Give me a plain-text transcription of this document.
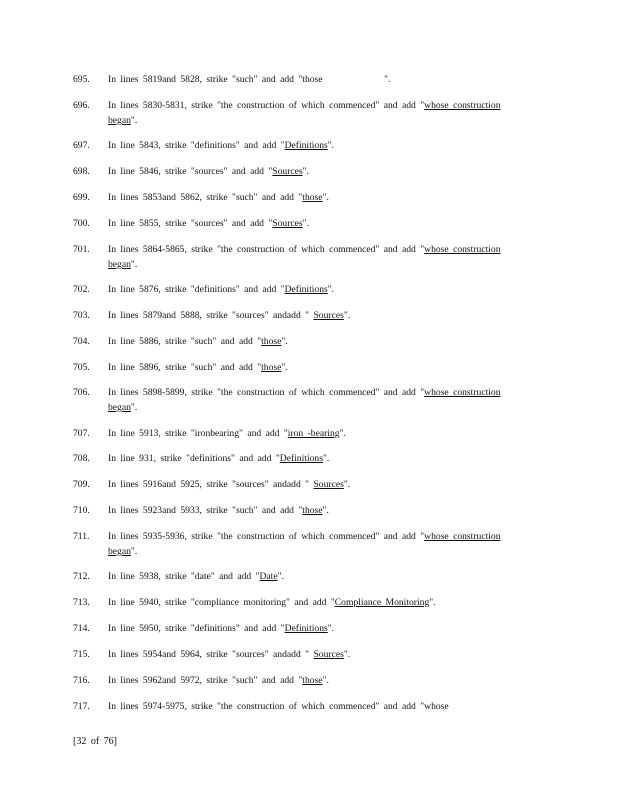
695.	In lines 5819and 5828, strike "such" and add "those	".
696.	In lines 5830-5831, strike "the construction of which commenced" and add "whose construction began".
697.	In line 5843, strike "definitions" and add "Definitions".
698.	In line 5846, strike "sources" and add "Sources".
699.	In lines 5853and 5862, strike "such" and add "those".
700.	In line 5855, strike "sources" and add "Sources".
701.	In lines 5864-5865, strike "the construction of which commenced" and add "whose construction began".
702.	In line 5876, strike "definitions" and add "Definitions".
703.	In lines 5879and 5888, strike "sources" andadd " Sources".
704.	In line 5886, strike "such" and add "those".
705.	In line 5896, strike "such" and add "those".
706.	In lines 5898-5899, strike "the construction of which commenced" and add "whose construction began".
707.	In line 5913, strike "ironbearing" and add "iron -bearing".
708.	In line 931, strike "definitions" and add "Definitions".
709.	In lines 5916and 5925, strike "sources" andadd " Sources".
710.	In lines 5923and 5933, strike "such" and add "those".
711.	In lines 5935-5936, strike "the construction of which commenced" and add "whose construction began".
712.	In line 5938, strike "date" and add "Date".
713.	In line 5940, strike "compliance monitoring" and add "Compliance Monitoring".
714.	In line 5950, strike "definitions" and add "Definitions".
715.	In lines 5954and 5964, strike "sources" andadd " Sources".
716.	In lines 5962and 5972, strike "such" and add "those".
717.	In lines 5974-5975, strike "the construction of which commenced" and add "whose
[32 of 76]
